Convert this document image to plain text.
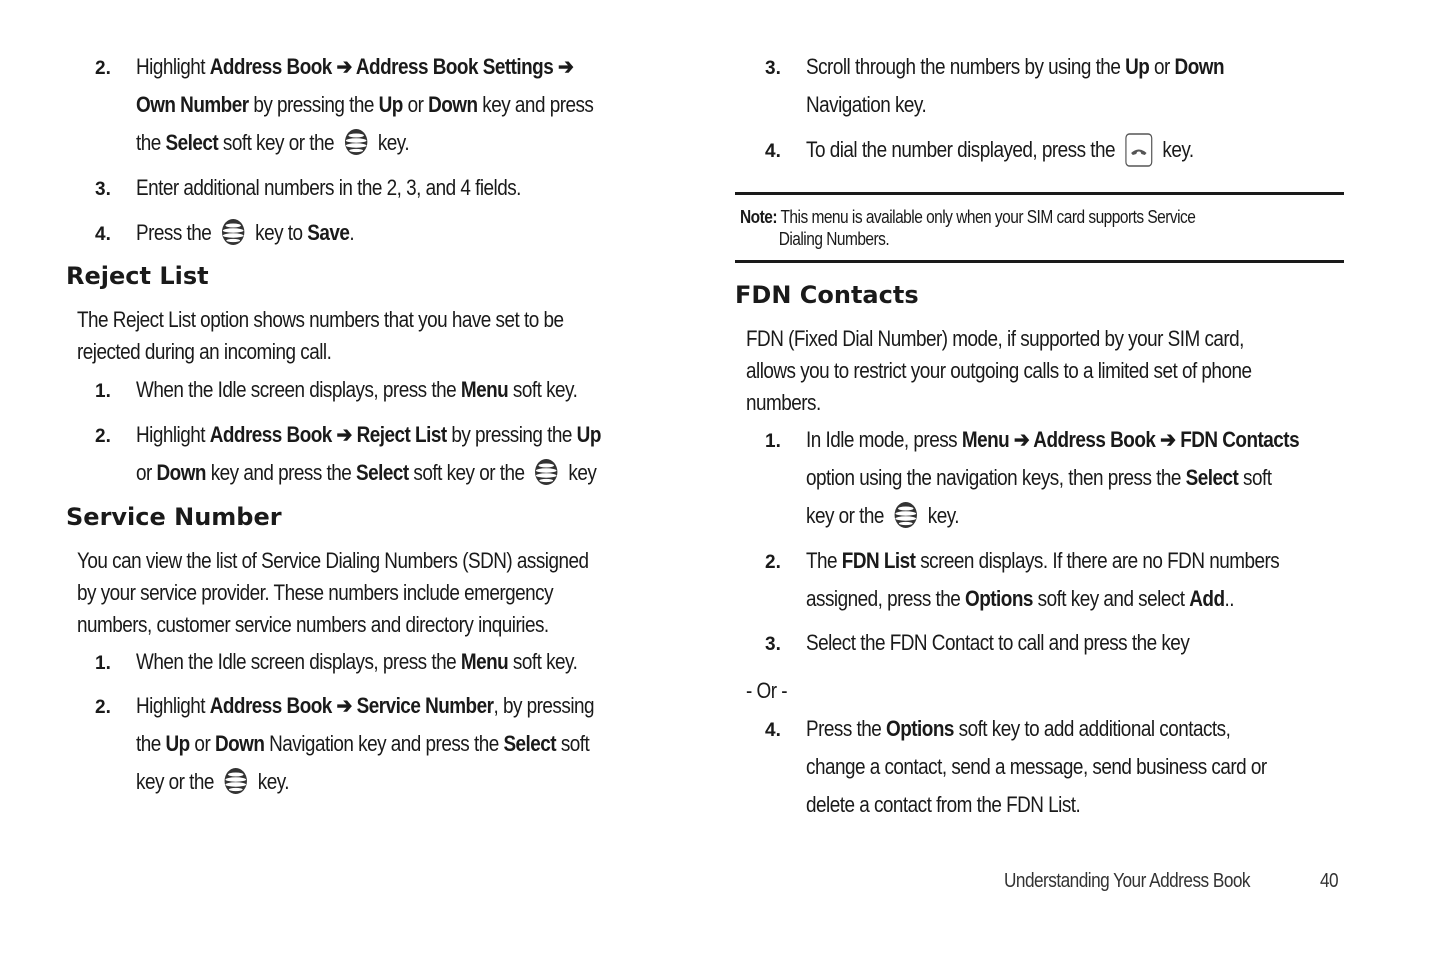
2. Highlight Address Book ➔ Address Book Settings ➔
Own Number by pressing the Up or Down key and press
the Select soft key or the  key.
3. Enter additional numbers in the 2, 3, and 4 fields.
4. Press the  key to Save.
Reject List
The Reject List option shows numbers that you have set to be
rejected during an incoming call.
1. When the Idle screen displays, press the Menu soft key.
2. Highlight Address Book ➔ Reject List by pressing the Up
or Down key and press the Select soft key or the  key
Service Number
You can view the list of Service Dialing Numbers (SDN) assigned
by your service provider. These numbers include emergency
numbers, customer service numbers and directory inquiries.
1. When the Idle screen displays, press the Menu soft key.
2. Highlight Address Book ➔ Service Number, by pressing
the Up or Down Navigation key and press the Select soft
key or the  key.
3. Scroll through the numbers by using the Up or Down
Navigation key.
4. To dial the number displayed, press the  key.
Note: This menu is available only when your SIM card supports Service
Dialing Numbers.
FDN Contacts
FDN (Fixed Dial Number) mode, if supported by your SIM card,
allows you to restrict your outgoing calls to a limited set of phone
numbers.
1. In Idle mode, press Menu ➔ Address Book ➔ FDN Contacts
option using the navigation keys, then press the Select soft
key or the  key.
2. The FDN List screen displays. If there are no FDN numbers
assigned, press the Options soft key and select Add..
3. Select the FDN Contact to call and press the key
- Or -
4. Press the Options soft key to add additional contacts,
change a contact, send a message, send business card or
delete a contact from the FDN List.
Understanding Your Address Book	40
